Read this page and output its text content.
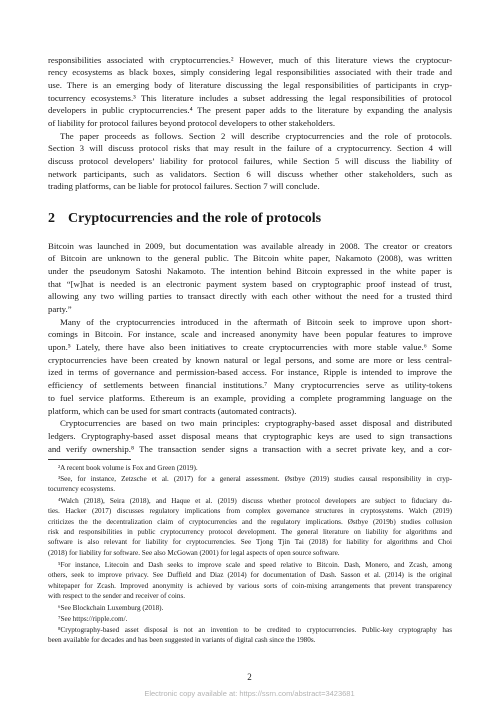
responsibilities associated with cryptocurrencies.² However, much of this literature views the cryptocur-
rency ecosystems as black boxes, simply considering legal responsibilities associated with their trade and
use. There is an emerging body of literature discussing the legal responsibilities of participants in cryp-
tocurrency ecosystems.³ This literature includes a subset addressing the legal responsibilities of protocol
developers in public cryptocurrencies.⁴ The present paper adds to the literature by expanding the analysis
of liability for protocol failures beyond protocol developers to other stakeholders.
The paper proceeds as follows. Section 2 will describe cryptocurrencies and the role of protocols.
Section 3 will discuss protocol risks that may result in the failure of a cryptocurrency. Section 4 will
discuss protocol developers’ liability for protocol failures, while Section 5 will discuss the liability of
network participants, such as validators. Section 6 will discuss whether other stakeholders, such as
trading platforms, can be liable for protocol failures. Section 7 will conclude.
2 Cryptocurrencies and the role of protocols
Bitcoin was launched in 2009, but documentation was available already in 2008. The creator or creators
of Bitcoin are unknown to the general public. The Bitcoin white paper, Nakamoto (2008), was written
under the pseudonym Satoshi Nakamoto. The intention behind Bitcoin expressed in the white paper is
that “[w]hat is needed is an electronic payment system based on cryptographic proof instead of trust,
allowing any two willing parties to transact directly with each other without the need for a trusted third
party.”
Many of the cryptocurrencies introduced in the aftermath of Bitcoin seek to improve upon short-
comings in Bitcoin. For instance, scale and increased anonymity have been popular features to improve
upon.⁵ Lately, there have also been initiatives to create cryptocurrencies with more stable value.⁶ Some
cryptocurrencies have been created by known natural or legal persons, and some are more or less central-
ized in terms of governance and permission-based access. For instance, Ripple is intended to improve the
efficiency of settlements between financial institutions.⁷ Many cryptocurrencies serve as utility-tokens
to fuel service platforms. Ethereum is an example, providing a complete programming language on the
platform, which can be used for smart contracts (automated contracts).
Cryptocurrencies are based on two main principles: cryptography-based asset disposal and distributed
ledgers. Cryptography-based asset disposal means that cryptographic keys are used to sign transactions
and verify ownership.⁸ The transaction sender signs a transaction with a secret private key, and a cor-
²A recent book volume is Fox and Green (2019).
³See, for instance, Zetzsche et al. (2017) for a general assessment. Østbye (2019) studies causal responsibility in cryp-
tocurrency ecosystems.
⁴Walch (2018), Seira (2018), and Haque et al. (2019) discuss whether protocol developers are subject to fiduciary du-
ties. Hacker (2017) discusses regulatory implications from complex governance structures in cryptosystems. Walch (2019)
criticizes the the decentralization claim of cryptocurrencies and the regulatory implications. Østbye (2019b) studies collusion
risk and responsibilities in public cryptocurrency protocol development. The general literature on liability for algorithms and
software is also relevant for liability for cryptocurrencies. See Tjong Tjin Tai (2018) for liability for algorithms and Choi
(2018) for liability for software. See also McGowan (2001) for legal aspects of open source software.
⁵For instance, Litecoin and Dash seeks to improve scale and speed relative to Bitcoin. Dash, Monero, and Zcash, among
others, seek to improve privacy. See Duffield and Diaz (2014) for documentation of Dash. Sasson et al. (2014) is the original
whitepaper for Zcash. Improved anonymity is achieved by various sorts of coin-mixing arrangements that prevent transparency
with respect to the sender and receiver of coins.
⁶See Blockchain Luxemburg (2018).
⁷See https://ripple.com/.
⁸Cryptography-based asset disposal is not an invention to be credited to cryptocurrencies. Public-key cryptography has
been available for decades and has been suggested in variants of digital cash since the 1980s.
2
Electronic copy available at: https://ssrn.com/abstract=3423681
